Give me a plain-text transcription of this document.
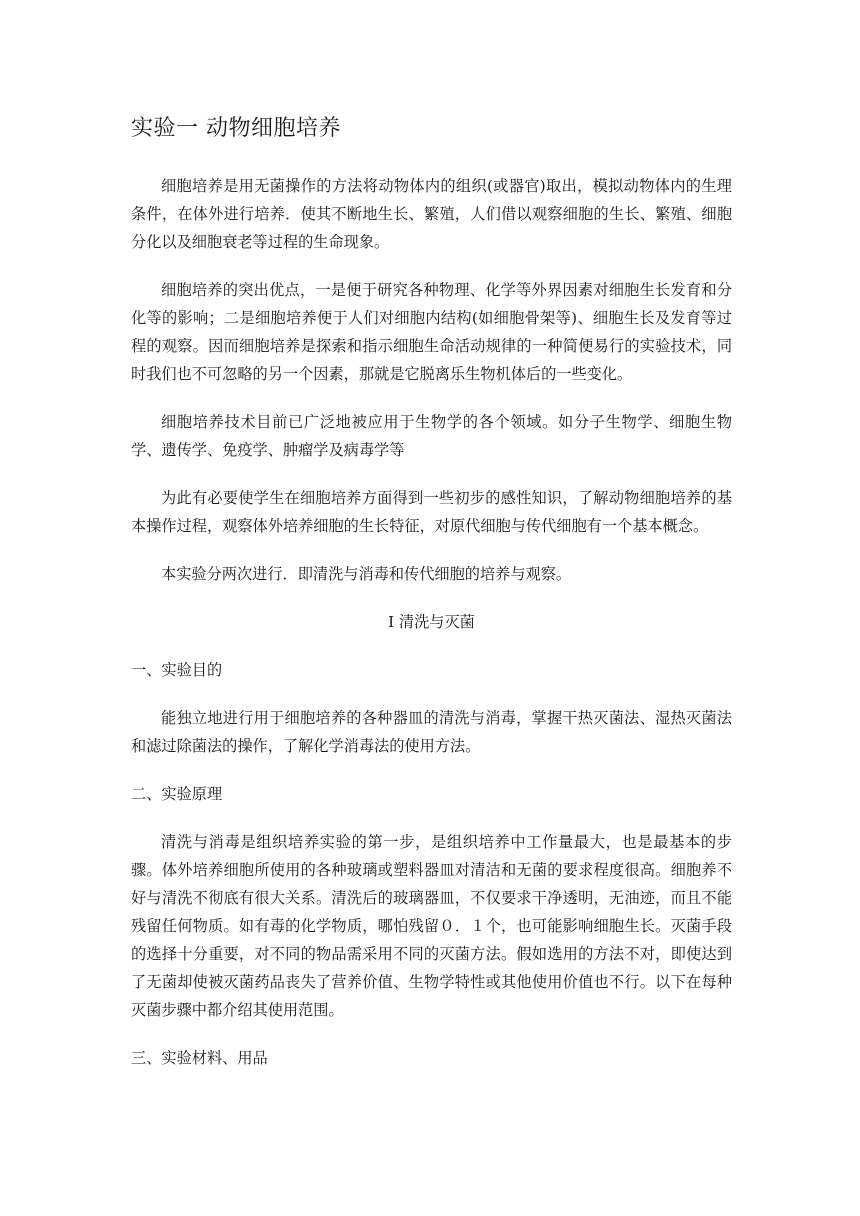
实验一 动物细胞培养

细胞培养是用无菌操作的方法将动物体内的组织(或器官)取出，模拟动物体内的生理条件，在体外进行培养．使其不断地生长、繁殖，人们借以观察细胞的生长、繁殖、细胞分化以及细胞衰老等过程的生命现象。

细胞培养的突出优点，一是便于研究各种物理、化学等外界因素对细胞生长发育和分化等的影响；二是细胞培养便于人们对细胞内结构(如细胞骨架等)、细胞生长及发育等过程的观察。因而细胞培养是探索和指示细胞生命活动规律的一种简便易行的实验技术，同时我们也不可忽略的另一个因素，那就是它脱离乐生物机体后的一些变化。

细胞培养技术目前已广泛地被应用于生物学的各个领域。如分子生物学、细胞生物学、遗传学、免疫学、肿瘤学及病毒学等

为此有必要使学生在细胞培养方面得到一些初步的感性知识，了解动物细胞培养的基本操作过程，观察体外培养细胞的生长特征，对原代细胞与传代细胞有一个基本概念。

本实验分两次进行．即清洗与消毒和传代细胞的培养与观察。

I 清洗与灭菌

一、实验目的

能独立地进行用于细胞培养的各种器皿的清洗与消毒，掌握干热灭菌法、湿热灭菌法和滤过除菌法的操作，了解化学消毒法的使用方法。

二、实验原理

清洗与消毒是组织培养实验的第一步，是组织培养中工作量最大，也是最基本的步骤。体外培养细胞所使用的各种玻璃或塑料器皿对清洁和无菌的要求程度很高。细胞养不好与清洗不彻底有很大关系。清洗后的玻璃器皿，不仅要求干净透明，无油迹，而且不能残留任何物质。如有毒的化学物质，哪怕残留０．１个，也可能影响细胞生长。灭菌手段的选择十分重要，对不同的物品需采用不同的灭菌方法。假如选用的方法不对，即使达到了无菌却使被灭菌药品丧失了营养价值、生物学特性或其他使用价值也不行。以下在每种灭菌步骤中都介绍其使用范围。

三、实验材料、用品
